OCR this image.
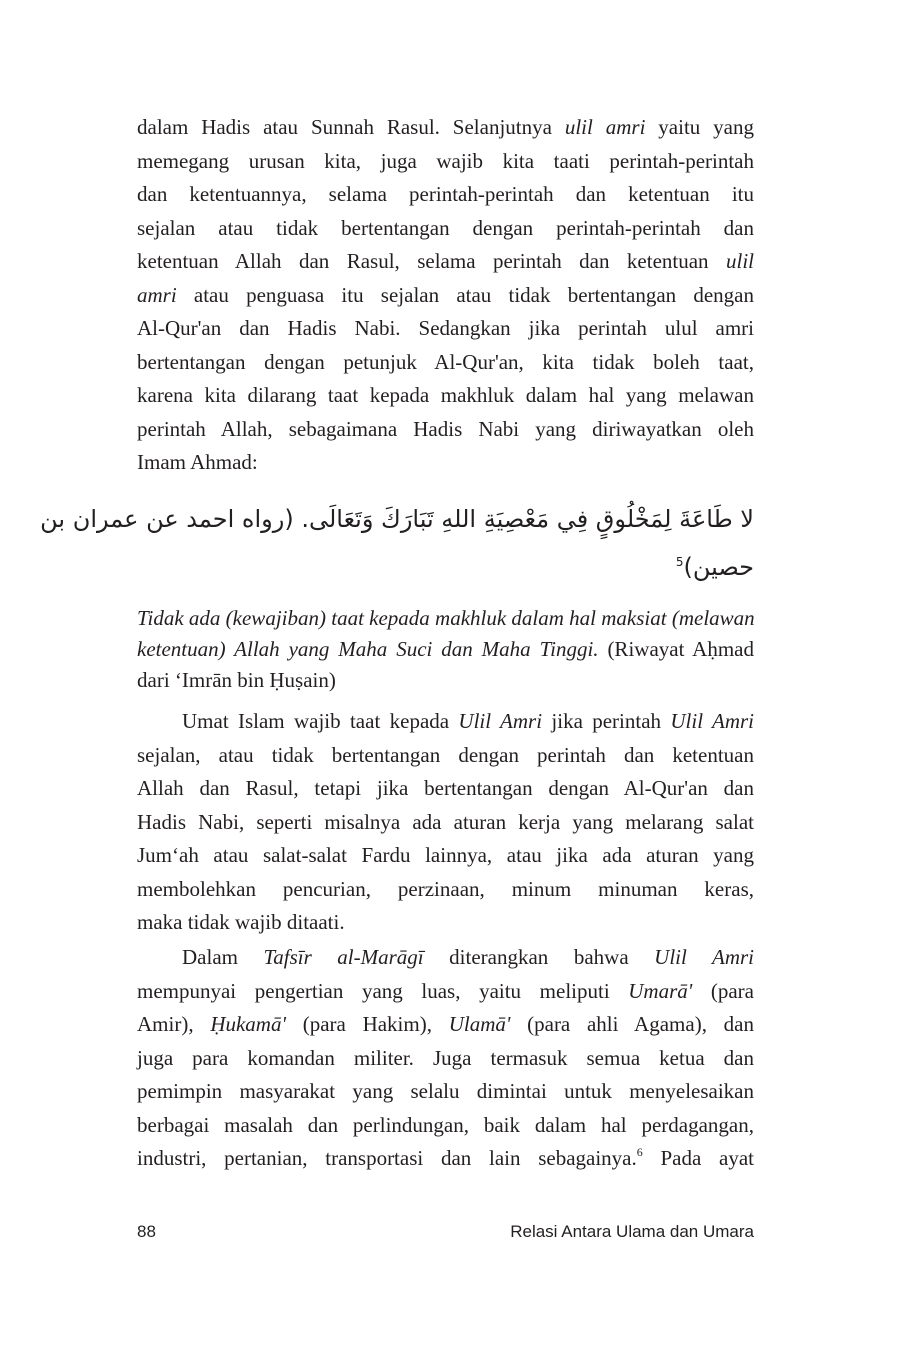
dalam Hadis atau Sunnah Rasul. Selanjutnya ulil amri yaitu yang
memegang urusan kita, juga wajib kita taati perintah-perintah
dan ketentuannya, selama perintah-perintah dan ketentuan itu
sejalan atau tidak bertentangan dengan perintah-perintah dan
ketentuan Allah dan Rasul, selama perintah dan ketentuan ulil
amri atau penguasa itu sejalan atau tidak bertentangan dengan
Al-Qur'an dan Hadis Nabi. Sedangkan jika perintah ulul amri
bertentangan dengan petunjuk Al-Qur'an, kita tidak boleh taat,
karena kita dilarang taat kepada makhluk dalam hal yang melawan
perintah Allah, sebagaimana Hadis Nabi yang diriwayatkan oleh
Imam Ahmad:
لا طَاعَةَ لِمَخْلُوقٍ فِي مَعْصِيَةِ اللهِ تَبَارَكَ وَتَعَالَى. (رواه احمد عن عمران بن
حصين)$^5$
Tidak ada (kewajiban) taat kepada makhluk dalam hal maksiat (melawan
ketentuan) Allah yang Maha Suci dan Maha Tinggi. (Riwayat Aḥmad
dari ‘Imrān bin Ḥuṣain)
Umat Islam wajib taat kepada Ulil Amri jika perintah Ulil Amri
sejalan, atau tidak bertentangan dengan perintah dan ketentuan
Allah dan Rasul, tetapi jika bertentangan dengan Al-Qur'an dan
Hadis Nabi, seperti misalnya ada aturan kerja yang melarang salat
Jum‘ah atau salat-salat Fardu lainnya, atau jika ada aturan yang
membolehkan pencurian, perzinaan, minum minuman keras,
maka tidak wajib ditaati.
Dalam Tafsīr al-Marāgī diterangkan bahwa Ulil Amri
mempunyai pengertian yang luas, yaitu meliputi Umarā' (para
Amir), Ḥukamā' (para Hakim), Ulamā' (para ahli Agama), dan
juga para komandan militer. Juga termasuk semua ketua dan
pemimpin masyarakat yang selalu dimintai untuk menyelesaikan
berbagai masalah dan perlindungan, baik dalam hal perdagangan,
industri, pertanian, transportasi dan lain sebagainya.$^6$ Pada ayat
88	Relasi Antara Ulama dan Umara
